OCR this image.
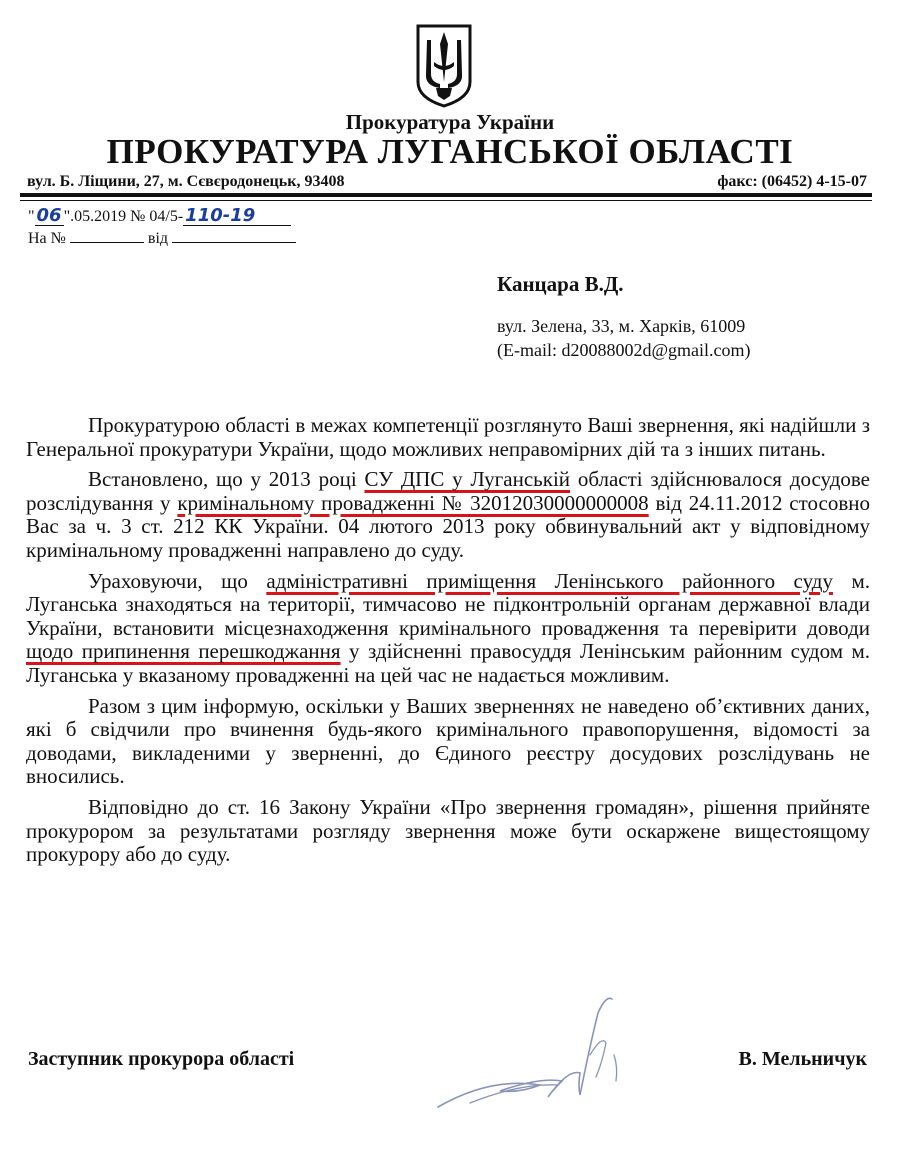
Прокуратура України
ПРОКУРАТУРА ЛУГАНСЬКОЇ ОБЛАСТІ
вул. Б. Ліщини, 27, м. Сєвєродонецьк, 93408	факс: (06452) 4-15-07
" 06 ".05.2019 № 04/5- 110-19
На №	від
Канцара В.Д.
вул. Зелена, 33, м. Харків, 61009
(E-mail: d20088002d@gmail.com)

Прокуратурою області в межах компетенції розглянуто Ваші звернення, які надійшли з Генеральної прокуратури України, щодо можливих неправомірних дій та з інших питань.

Встановлено, що у 2013 році СУ ДПС у Луганській області здійснювалося досудове розслідування у кримінальному провадженні № 32012030000000008 від 24.11.2012 стосовно Вас за ч. 3 ст. 212 КК України. 04 лютого 2013 року обвинувальний акт у відповідному кримінальному провадженні направлено до суду.

Ураховуючи, що адміністративні приміщення Ленінського районного суду м. Луганська знаходяться на території, тимчасово не підконтрольній органам державної влади України, встановити місцезнаходження кримінального провадження та перевірити доводи щодо припинення перешкоджання у здійсненні правосуддя Ленінським районним судом м. Луганська у вказаному провадженні на цей час не надається можливим.

Разом з цим інформую, оскільки у Ваших зверненнях не наведено об’єктивних даних, які б свідчили про вчинення будь-якого кримінального правопорушення, відомості за доводами, викладеними у зверненні, до Єдиного реєстру досудових розслідувань не вносились.

Відповідно до ст. 16 Закону України «Про звернення громадян», рішення прийняте прокурором за результатами розгляду звернення може бути оскаржене вищестоящому прокурору або до суду.

Заступник прокурора області	В. Мельничук
